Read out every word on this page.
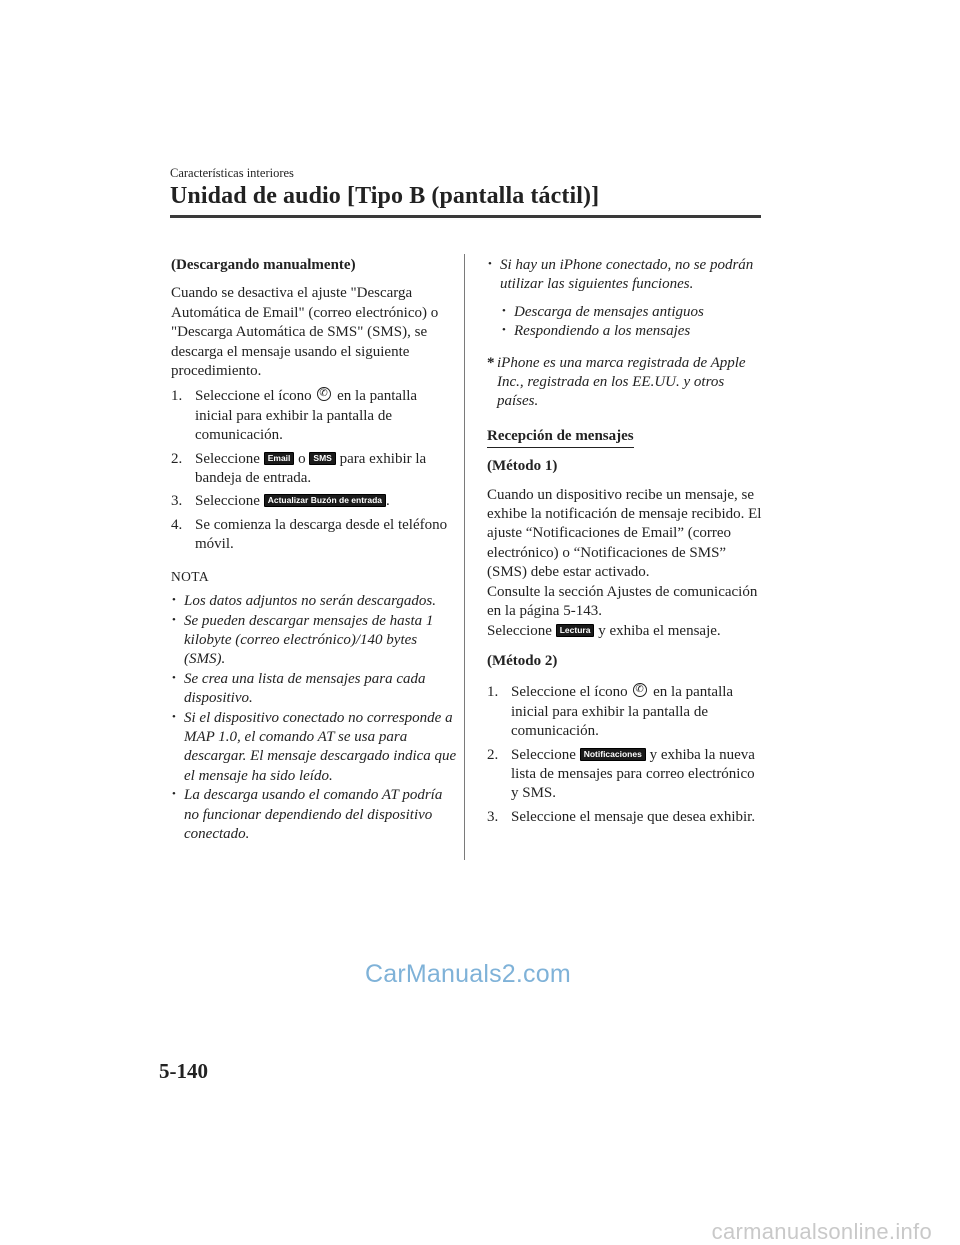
Características interiores
Unidad de audio [Tipo B (pantalla táctil)]

(Descargando manualmente)

Cuando se desactiva el ajuste "Descarga Automática de Email" (correo electrónico) o "Descarga Automática de SMS" (SMS), se descarga el mensaje usando el siguiente procedimiento.

1. Seleccione el ícono ✆ en la pantalla inicial para exhibir la pantalla de comunicación.
2. Seleccione Email o SMS para exhibir la bandeja de entrada.
3. Seleccione Actualizar Buzón de entrada .
4. Se comienza la descarga desde el teléfono móvil.

NOTA

• Los datos adjuntos no serán descargados.
• Se pueden descargar mensajes de hasta 1 kilobyte (correo electrónico)/140 bytes (SMS).
• Se crea una lista de mensajes para cada dispositivo.
• Si el dispositivo conectado no corresponde a MAP 1.0, el comando AT se usa para descargar. El mensaje descargado indica que el mensaje ha sido leído.
• La descarga usando el comando AT podría no funcionar dependiendo del dispositivo conectado.
• Si hay un iPhone conectado, no se podrán utilizar las siguientes funciones.
• Descarga de mensajes antiguos
• Respondiendo a los mensajes

* iPhone es una marca registrada de Apple Inc., registrada en los EE.UU. y otros países.

Recepción de mensajes

(Método 1)

Cuando un dispositivo recibe un mensaje, se exhibe la notificación de mensaje recibido. El ajuste “Notificaciones de Email” (correo electrónico) o “Notificaciones de SMS” (SMS) debe estar activado.

Consulte la sección Ajustes de comunicación en la página 5-143.

Seleccione Lectura y exhiba el mensaje.

(Método 2)

1. Seleccione el ícono ✆ en la pantalla inicial para exhibir la pantalla de comunicación.
2. Seleccione Notificaciones y exhiba la nueva lista de mensajes para correo electrónico y SMS.
3. Seleccione el mensaje que desea exhibir.
CarManuals2.com
5-140
carmanualsonline.info
